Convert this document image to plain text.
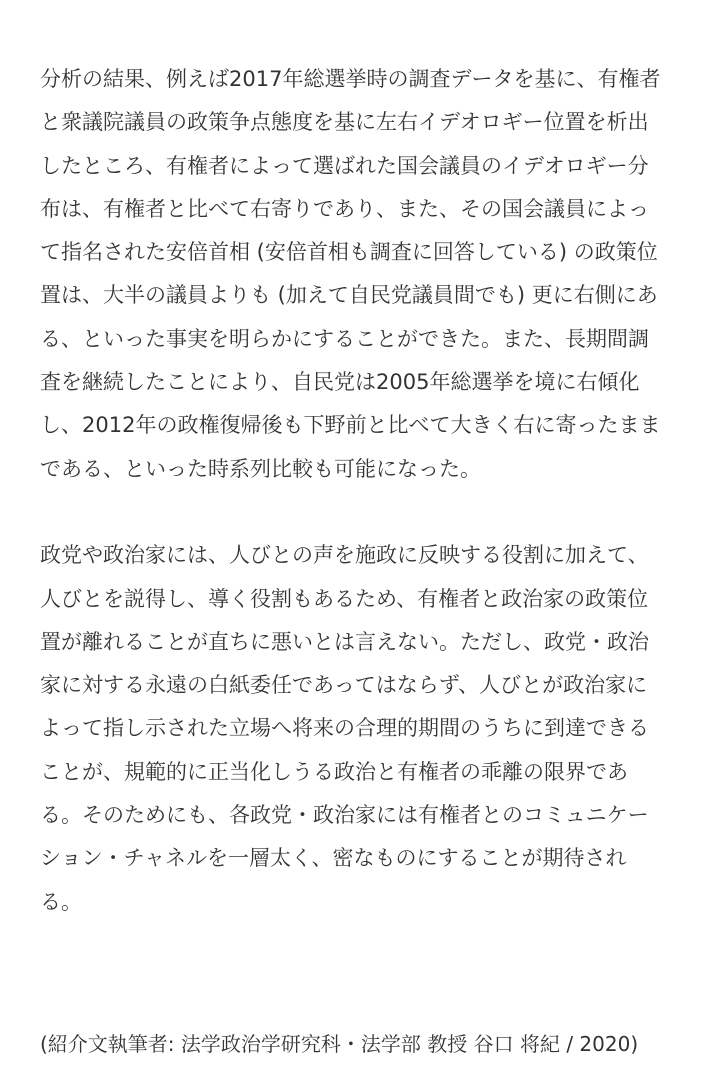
分析の結果、例えば2017年総選挙時の調査データを基に、有権者
と衆議院議員の政策争点態度を基に左右イデオロギー位置を析出
したところ、有権者によって選ばれた国会議員のイデオロギー分
布は、有権者と比べて右寄りであり、また、その国会議員によっ
て指名された安倍首相 (安倍首相も調査に回答している) の政策位
置は、大半の議員よりも (加えて自民党議員間でも) 更に右側にあ
る、といった事実を明らかにすることができた。また、長期間調
査を継続したことにより、自民党は2005年総選挙を境に右傾化
し、2012年の政権復帰後も下野前と比べて大きく右に寄ったまま
である、といった時系列比較も可能になった。

政党や政治家には、人びとの声を施政に反映する役割に加えて、
人びとを説得し、導く役割もあるため、有権者と政治家の政策位
置が離れることが直ちに悪いとは言えない。ただし、政党・政治
家に対する永遠の白紙委任であってはならず、人びとが政治家に
よって指し示された立場へ将来の合理的期間のうちに到達できる
ことが、規範的に正当化しうる政治と有権者の乖離の限界であ
る。そのためにも、各政党・政治家には有権者とのコミュニケー
ション・チャネルを一層太く、密なものにすることが期待され
る。

(紹介文執筆者: 法学政治学研究科・法学部 教授 谷口 将紀 / 2020)
